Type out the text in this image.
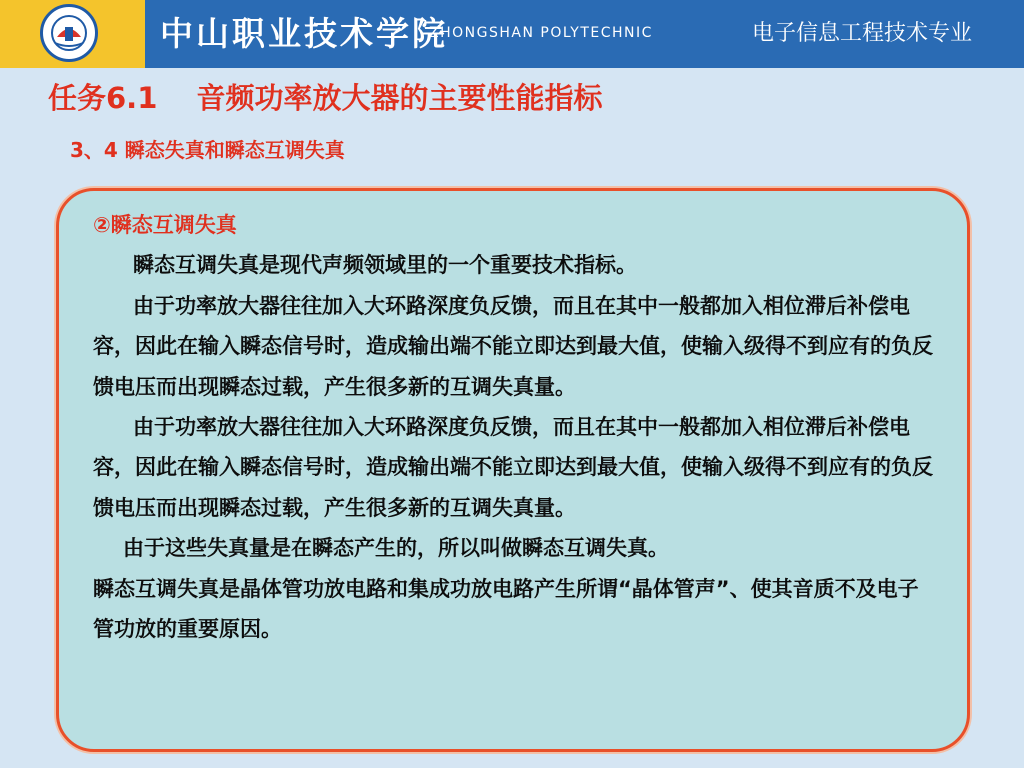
中山职业技术学院
ZHONGSHAN POLYTECHNIC	电子信息工程技术专业
任务6.1　 音频功率放大器的主要性能指标
3、4 瞬态失真和瞬态互调失真

②瞬态互调失真

瞬态互调失真是现代声频领域里的一个重要技术指标。

由于功率放大器往往加入大环路深度负反馈，而且在其中一般都加入相位滞后补偿电容，因此在输入瞬态信号时，造成输出端不能立即达到最大值，使输入级得不到应有的负反馈电压而出现瞬态过载，产生很多新的互调失真量。

由于功率放大器往往加入大环路深度负反馈，而且在其中一般都加入相位滞后补偿电容，因此在输入瞬态信号时，造成输出端不能立即达到最大值，使输入级得不到应有的负反馈电压而出现瞬态过载，产生很多新的互调失真量。

由于这些失真量是在瞬态产生的，所以叫做瞬态互调失真。

瞬态互调失真是晶体管功放电路和集成功放电路产生所谓“晶体管声”、使其音质不及电子管功放的重要原因。
